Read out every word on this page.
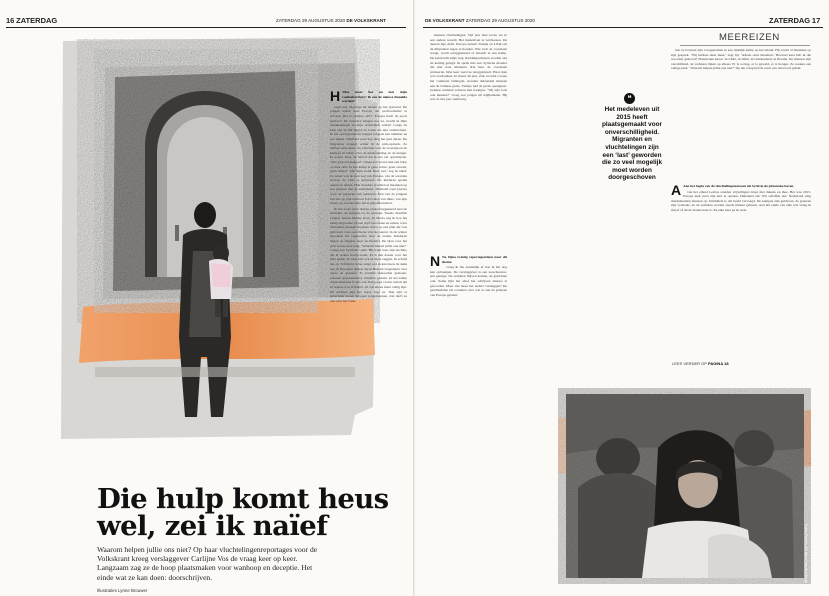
16 ZATERDAG	ZATERDAG 29 AUGUSTUS 2020 DE VOLKSKRANT
Die hulp komt heus wel, zei ik naïef
Waarom helpen jullie ons niet? Op haar vluchtelingenreportages voor de Volkskrant kreeg verslaggever Carlijne Vos de vraag keer op keer. Langzaam zag ze de hoop plaatsmaken voor wanhoop en deceptie. Het einde wat ze kan doen: doorschrijven.
Illustraties Lynne Brouwer
H ‘Hoe moet het nu met mijn voetbalcarrière? Ik zou de nieuwe Ronaldo worden!’

roept een 16-jarige uit Ghana op het grasveld. De jongen reisde naar Europa om profvoetballer te worden. Het is oktober 2017. Europa heeft de poort gesloten. De woorden hangen nog na, terwijl ik mijn aantekeningen in mijn notitieblok schrijf. Langs de kust van Sicilië liggen de boten die zijn onderschept. In het opvangcentrum krijgen jongens een nummer en een deken. Niemand weet hoe lang het gaat duren. De migranten stappen achter in de pick-uptruck. Ze hebben niets meer. Ze vertellen over de woestijn en de kampen in Libië, over de mishandeling en de honger. Ik noteer alles, ik beloof dat ik het zal opschrijven. ‘Wie gaat ons helpen?’ vraagt een vrouw met een baby op haar arm. In het kamp is geen water, geen stroom, geen dokter. ‘Die hulp komt heus wel,’ zeg ik naïef. Zo zeker was ik toen nog van Europa, van de waarden waarop de Unie is gebouwd. De kinderen spelen tussen de tenten. Hun moeders wachten al maanden op een gesprek met de asieldienst. Niemand weet precies waar de papieren zijn gebleven. Een van de jongens laat me op zijn telefoon foto's zien van thuis, van zijn broers en van het huis dat is gebombardeerd.

Ik ben in de jaren daarna vaak teruggekeerd naar de eilanden, de kampen en de grenzen. Steeds dezelfde vragen, steeds minder hoop. In Moria zag ik hoe het kamp uitgroeide tot een stad van tenten en zeilen, waar duizenden mensen moesten leven op een plek die was gebouwd voor een fractie van dat aantal. In de winter stroomde het regenwater door de tenten. Kinderen liepen op slippers door de modder. De rijen voor het eten waren uren lang. ‘Waarom helpen jullie ons niet?’ vraagt een Syrische vader. Hij wijst naar zijn dochter, die al weken koorts heeft. Er is één dokter voor het hele kamp. Ik weet niet wat ik moet zeggen. Ik schrijf het op. Schrijven is het enige wat ik kan doen. Ik denk aan de Europese leiders die in Brussel vergaderen over quota en grenzen. Er worden akkoorden gesloten, plannen gepresenteerd, beloften gedaan. In het kamp merkt niemand er iets van. Een jonge vrouw vertelt dat ze lerares was in Kabul. Ze wil alleen maar veilig zijn. De nachten zijn het ergst, zegt ze. Dan zijn er gevechten tussen groepen jongemannen, dan durft ze niet naar het toilet.

DE VOLKSKRANT ZATERDAG 29 AUGUSTUS 2020	ZATERDAG 17
MEEREIZEN

mensen vluchtelingen. Vijf jaar later leven we in een andere wereld. Het medeleven is verdwenen. De deuren zijn dicht. Europa betaalt Turkije en Libië om de migranten tegen te houden. Wie toch de oversteek waagt, wordt teruggestuurd of belandt in een kamp. De kustwacht kijkt weg. Reddingsschepen worden aan de ketting gelegd. Ik sprak met een Syrische moeder die met haar kinderen drie keer de oversteek probeerde. Drie keer werd ze teruggeduwd. Haar man was verdronken. In maart dit jaar, vlak voordat corona het continent lamlegde, stonden duizenden mensen aan de Griekse grens. Turkije had de grens opengezet. Griekse soldaten schoten met traangas. ‘Wij zijn toch ook mensen?’ vroeg een jongen uit Afghanistan. Hij was al vier jaar onderweg.

N Na bijna twintig reportagereizen naar dit thema

vraag ik me natuurlijk af hoe ik het nog kan opbrengen. De verslaggever is een toeschouwer, een getuige. De verhalen blijven komen, de gezichten ook. Soms lijkt het alsof het schrijven zinloos is geworden. Maar wie moet het anders vastleggen? De geschiedenis zal oordelen over wat er aan de grenzen van Europa gebeurt.

❝
Het medeleven uit 2015 heeft plaatsgemaakt voor onverschilligheid. Migranten en vluchtelingen zijn een ‘last’ geworden die zo veel mogelijk moet worden doorgeschoven

ben ze bouwen zijn voorgenomen in een tijdelijk kamp op het eiland. Hij wacht al maanden op zijn gesprek. ‘Wij hebben niets meer,’ zegt hij. ‘Alleen onze kinderen.’ Hoeveel keer heb ik die woorden gehoord? Honderden keren. In Libië, in Italië, in Griekenland, in Bosnië. De mensen zijn verschillend, de verhalen lijken op elkaar. Er is oorlog, er is geweld, er is honger. Ze zoeken een veilige plek. ‘Waarom helpen jullie ons niet?’ Op die vraag heb ik nooit een antwoord gehad.

A Aan het begin van de vluchtelingenstroom uit Syrië in de pittoreske haven

van het eiland Lesbos stonden vrijwilligers klaar met dekens en thee. Het was 2015. Europa leek even zijn hart te openen. Duitsland zei: Wir schaffen das. Nederland ving tienduizenden mensen op. Inmiddels is dat beeld vervaagd. De kampen zijn gebleven, de grenzen zijn versterkt, en de verhalen worden steeds minder gelezen. Aan het einde van elke reis vraag ik mij af of dit de laatste keer is. En elke keer ga ik weer.

LEES VERDER OP PAGINA 18
Foto's Reuters, AP, Marcel van den Bergh
